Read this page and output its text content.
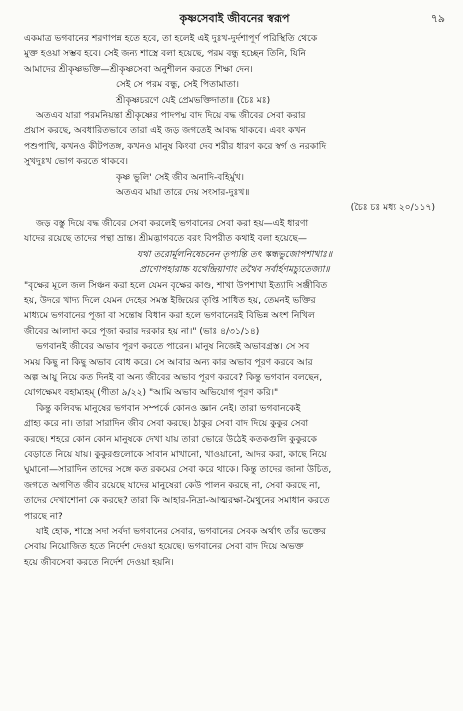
কৃষ্ণসেবাই জীবনের স্বরূপ	৭৯

একমাত্র ভগবানের শরণাপন্ন হতে হবে, তা হলেই এই দুঃখ-দুর্দশাপূর্ণ পরিস্থিতি থেকে
মুক্ত হওয়া সম্ভব হবে। সেই জন্য শাস্ত্রে বলা হয়েছে, পরম বন্ধু হচ্ছেন তিনি, যিনি
আমাদের শ্রীকৃষ্ণভক্তি—শ্রীকৃষ্ণসেবা অনুশীলন করতে শিক্ষা দেন।

সেই সে পরম বন্ধু, সেই পিতামাতা।

শ্রীকৃষ্ণচরণে যেই প্রেমভক্তিদাতা॥ (চৈঃ মঃ)

অতএব যারা পরমনিয়ন্তা শ্রীকৃষ্ণের পাদপদ্ম বাদ দিয়ে বদ্ধ জীবের সেবা করার
প্রয়াস করছে, অবধারিতভাবে তারা এই জড় জগতেই আবদ্ধ থাকবে। এবং কখন
পশুপাখি, কখনও কীটপতঙ্গ, কখনও মানুষ কিংবা দেব শরীর ধারণ করে স্বর্গ ও নরকাদি
সুখদুঃখ ভোগ করতে থাকবে।

কৃষ্ণ ভুলি' সেই জীব অনাদি-বহির্মুখ।

অতএব মায়া তারে দেয় সংসার-দুঃখ॥

(চৈঃ চঃ মধ্য ২০/১১৭)

জড় বস্তু দিয়ে বদ্ধ জীবের সেবা করলেই ভগবানের সেবা করা হয়—এই ধারণা
যাদের রয়েছে তাদের পন্থা ভ্রান্ত। শ্রীমদ্ভাগবতে বরং বিপরীত কথাই বলা হয়েছে—

যথা তরোর্মূলনিষেচনেন তৃপ্যন্তি তৎ স্কন্ধভুজোপশাখাঃ॥

প্রাণোপহারাচ্চ যথেন্দ্রিয়াণাং তথৈব সর্বার্হণমচ্যুতেজ্যা॥

"বৃক্ষের মূলে জল সিঞ্চন করা হলে যেমন বৃক্ষের কাণ্ড, শাখা উপশাখা ইত্যাদি সঞ্জীবিত
হয়, উদরে খাদ্য দিলে যেমন দেহের সমস্ত ইন্দ্রিয়ের তৃপ্তি সাধিত হয়, তেমনই ভক্তির
মাধ্যমে ভগবানের পূজা বা সন্তোষ বিধান করা হলে ভগবানেরই বিভিন্ন অংশ নিখিল
জীবের আলাদা করে পূজা করার দরকার হয় না।" (ভাঃ ৪/৩১/১৪)

ভগবানই জীবের অভাব পূরণ করতে পারেন। মানুষ নিজেই অভাবগ্রস্ত। সে সব
সময় কিছু না কিছু অভাব বোধ করে। সে আবার অন্য কার অভাব পূরণ করবে আর
অল্প আয়ু নিয়ে কত দিনই বা অন্য জীবের অভাব পূরণ করবে? কিন্তু ভগবান বলছেন,
যোগক্ষেমং বহাম্যহম্ (গীতা ৯/২২) "আমি অভাব অভিযোগ পূরণ করি।"

কিন্তু কলিবদ্ধ মানুষের ভগবান সম্পর্কে কোনও জ্ঞান নেই। তারা ভগবানকেই
গ্রাহ্য করে না। তারা সারাদিন জীব সেবা করছে। ঠাকুর সেবা বাদ দিয়ে কুকুর সেবা
করছে। শহরে কোন কোন মানুষকে দেখা যায় তারা ভোরে উঠেই কতকগুলি কুকুরকে
বেড়াতে নিয়ে যায়। কুকুরগুলোকে সাবান মাখানো, খাওয়ানো, আদর করা, কাছে নিয়ে
ঘুমানো—সারাদিন তাদের সঙ্গে কত রকমের সেবা করে থাকে। কিন্তু তাদের জানা উচিত,
জগতে অগণিত জীব রয়েছে যাদের মানুষেরা কেউ পালন করছে না, সেবা করছে না,
তাদের দেখাশোনা কে করছে? তারা কি আহার-নিদ্রা-আত্মরক্ষা-মৈথুনের সমাধান করতে
পারছে না?

যাই হোক, শাস্ত্রে সদা সর্বদা ভগবানের সেবার, ভগবানের সেবক অর্থাৎ তাঁর ভক্তের
সেবায় নিয়োজিত হতে নির্দেশ দেওয়া হয়েছে। ভগবানের সেবা বাদ দিয়ে অভক্ত
হয়ে জীবসেবা করতে নির্দেশ দেওয়া হয়নি।
